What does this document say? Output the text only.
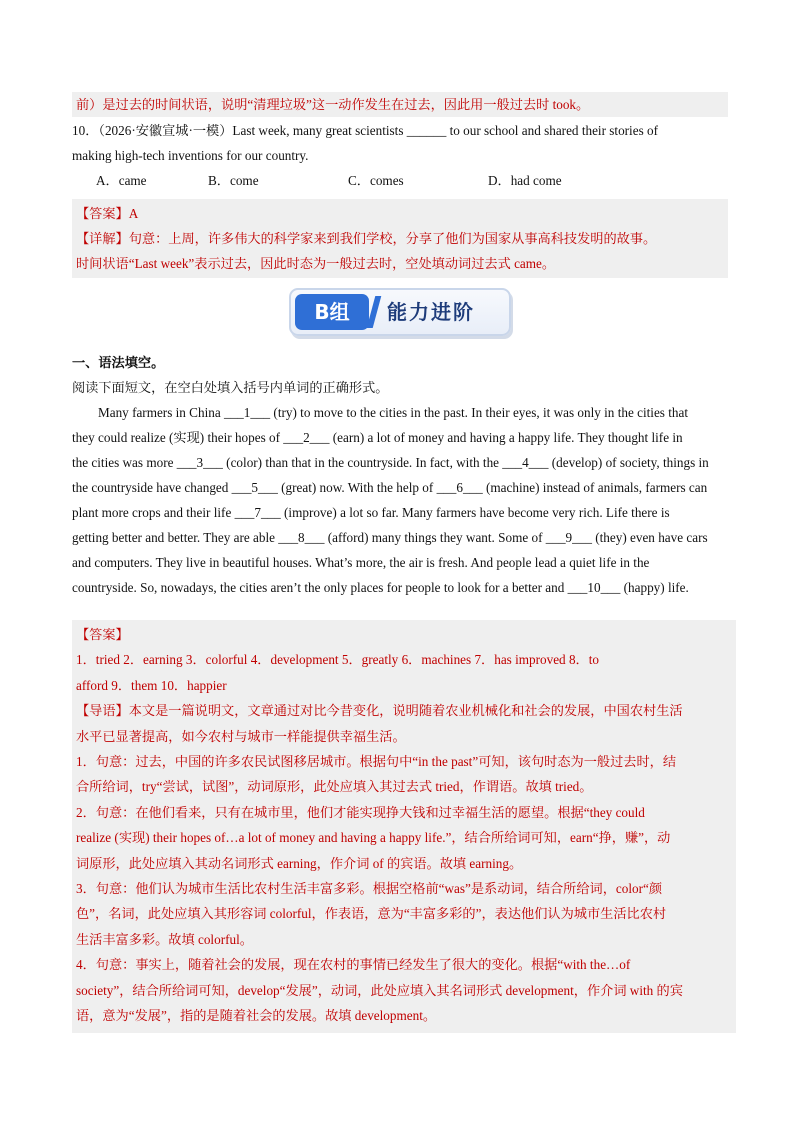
前）是过去的时间状语，说明“清理垃圾”这一动作发生在过去，因此用一般过去时 took。
10．（2026·安徽宣城·一模）Last week, many great scientists ______ to our school and shared their stories of
making high-tech inventions for our country.
A．came	B．come	C．comes	D．had come
【答案】A
【详解】句意：上周，许多伟大的科学家来到我们学校，分享了他们为国家从事高科技发明的故事。
时间状语“Last week”表示过去，因此时态为一般过去时，空处填动词过去式 came。
B组	能力进阶
一、语法填空。
阅读下面短文，在空白处填入括号内单词的正确形式。
Many farmers in China ___1___ (try) to move to the cities in the past. In their eyes, it was only in the cities that
they could realize (实现) their hopes of ___2___ (earn) a lot of money and having a happy life. They thought life in
the cities was more ___3___ (color) than that in the countryside. In fact, with the ___4___ (develop) of society, things in
the countryside have changed ___5___ (great) now. With the help of ___6___ (machine) instead of animals, farmers can
plant more crops and their life ___7___ (improve) a lot so far. Many farmers have become very rich. Life there is
getting better and better. They are able ___8___ (afford) many things they want. Some of ___9___ (they) even have cars
and computers. They live in beautiful houses. What’s more, the air is fresh. And people lead a quiet life in the
countryside. So, nowadays, the cities aren’t the only places for people to look for a better and ___10___ (happy) life.
【答案】
1．tried 2．earning 3．colorful 4．development 5．greatly 6．machines 7．has improved 8．to
afford 9．them 10．happier
【导语】本文是一篇说明文，文章通过对比今昔变化，说明随着农业机械化和社会的发展，中国农村生活
水平已显著提高，如今农村与城市一样能提供幸福生活。
1．句意：过去，中国的许多农民试图移居城市。根据句中“in the past”可知，该句时态为一般过去时，结
合所给词，try“尝试，试图”，动词原形，此处应填入其过去式 tried，作谓语。故填 tried。
2．句意：在他们看来，只有在城市里，他们才能实现挣大钱和过幸福生活的愿望。根据“they could
realize (实现) their hopes of…a lot of money and having a happy life.”，结合所给词可知，earn“挣，赚”，动
词原形，此处应填入其动名词形式 earning，作介词 of 的宾语。故填 earning。
3．句意：他们认为城市生活比农村生活丰富多彩。根据空格前“was”是系动词，结合所给词，color“颜
色”，名词，此处应填入其形容词 colorful，作表语，意为“丰富多彩的”，表达他们认为城市生活比农村
生活丰富多彩。故填 colorful。
4．句意：事实上，随着社会的发展，现在农村的事情已经发生了很大的变化。根据“with the…of
society”，结合所给词可知，develop“发展”，动词，此处应填入其名词形式 development，作介词 with 的宾
语，意为“发展”，指的是随着社会的发展。故填 development。
